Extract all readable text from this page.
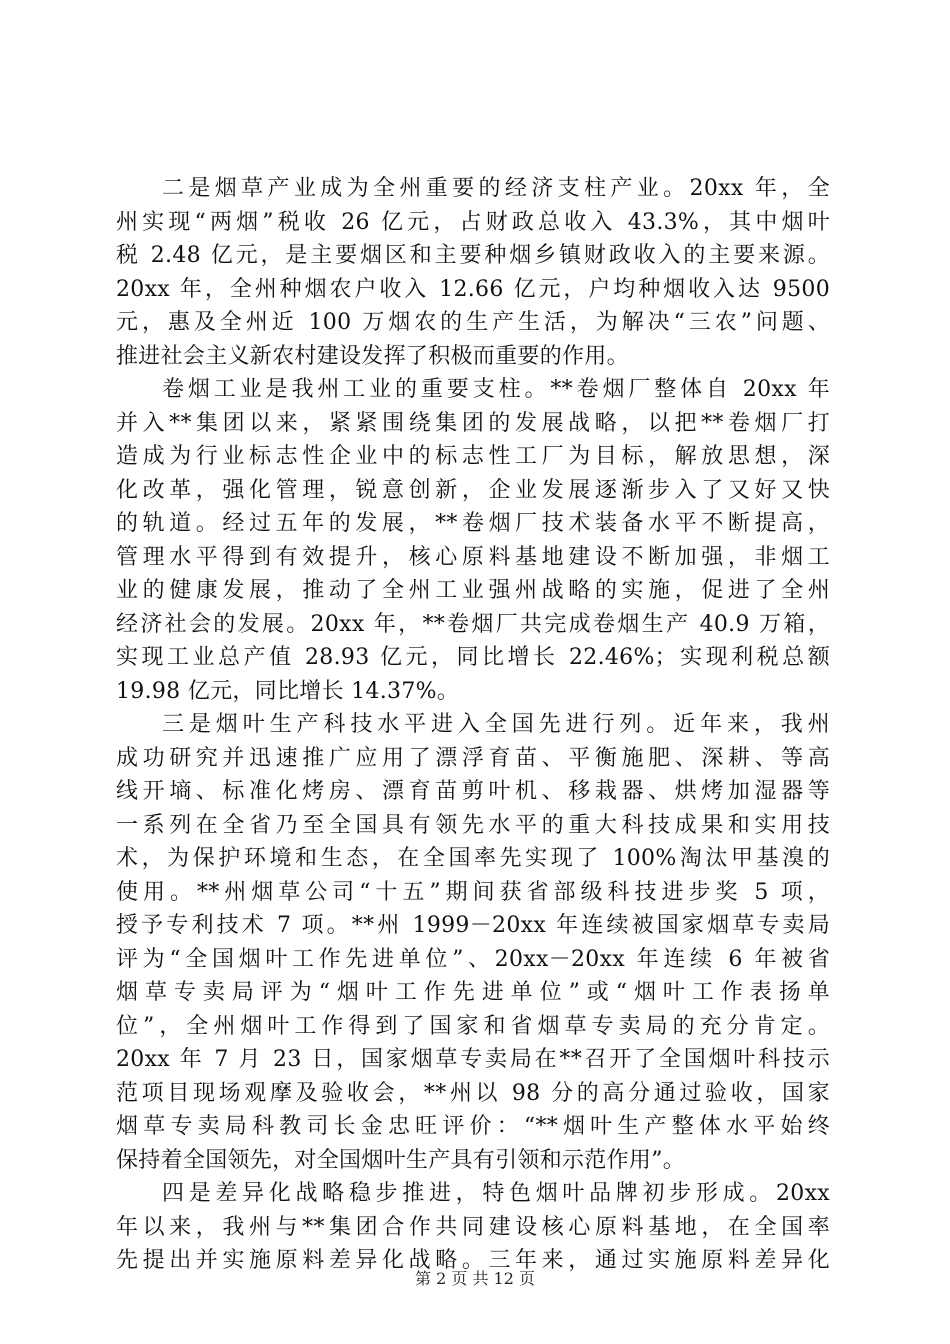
二是烟草产业成为全州重要的经济支柱产业。20xx 年，全
州实现“两烟”税收 26 亿元，占财政总收入 43.3%，其中烟叶
税 2.48 亿元，是主要烟区和主要种烟乡镇财政收入的主要来源。
20xx 年，全州种烟农户收入 12.66 亿元，户均种烟收入达 9500
元，惠及全州近 100 万烟农的生产生活，为解决“三农”问题、
推进社会主义新农村建设发挥了积极而重要的作用。
卷烟工业是我州工业的重要支柱。**卷烟厂整体自 20xx 年
并入**集团以来，紧紧围绕集团的发展战略，以把**卷烟厂打
造成为行业标志性企业中的标志性工厂为目标，解放思想，深
化改革，强化管理，锐意创新，企业发展逐渐步入了又好又快
的轨道。经过五年的发展，**卷烟厂技术装备水平不断提高，
管理水平得到有效提升，核心原料基地建设不断加强，非烟工
业的健康发展，推动了全州工业强州战略的实施，促进了全州
经济社会的发展。20xx 年，**卷烟厂共完成卷烟生产 40.9 万箱，
实现工业总产值 28.93 亿元，同比增长 22.46%；实现利税总额
19.98 亿元，同比增长 14.37%。
三是烟叶生产科技水平进入全国先进行列。近年来，我州
成功研究并迅速推广应用了漂浮育苗、平衡施肥、深耕、等高
线开墒、标准化烤房、漂育苗剪叶机、移栽器、烘烤加湿器等
一系列在全省乃至全国具有领先水平的重大科技成果和实用技
术，为保护环境和生态，在全国率先实现了 100%淘汰甲基溴的
使用。**州烟草公司“十五”期间获省部级科技进步奖 5 项，
授予专利技术 7 项。**州 1999－20xx 年连续被国家烟草专卖局
评为“全国烟叶工作先进单位”、20xx－20xx 年连续 6 年被省
烟草专卖局评为“烟叶工作先进单位”或“烟叶工作表扬单
位”，全州烟叶工作得到了国家和省烟草专卖局的充分肯定。
20xx 年 7 月 23 日，国家烟草专卖局在**召开了全国烟叶科技示
范项目现场观摩及验收会，**州以 98 分的高分通过验收，国家
烟草专卖局科教司长金忠旺评价：“**烟叶生产整体水平始终
保持着全国领先，对全国烟叶生产具有引领和示范作用”。
四是差异化战略稳步推进，特色烟叶品牌初步形成。20xx
年以来，我州与**集团合作共同建设核心原料基地，在全国率
先提出并实施原料差异化战略。三年来，通过实施原料差异化
第 2 页 共 12 页
